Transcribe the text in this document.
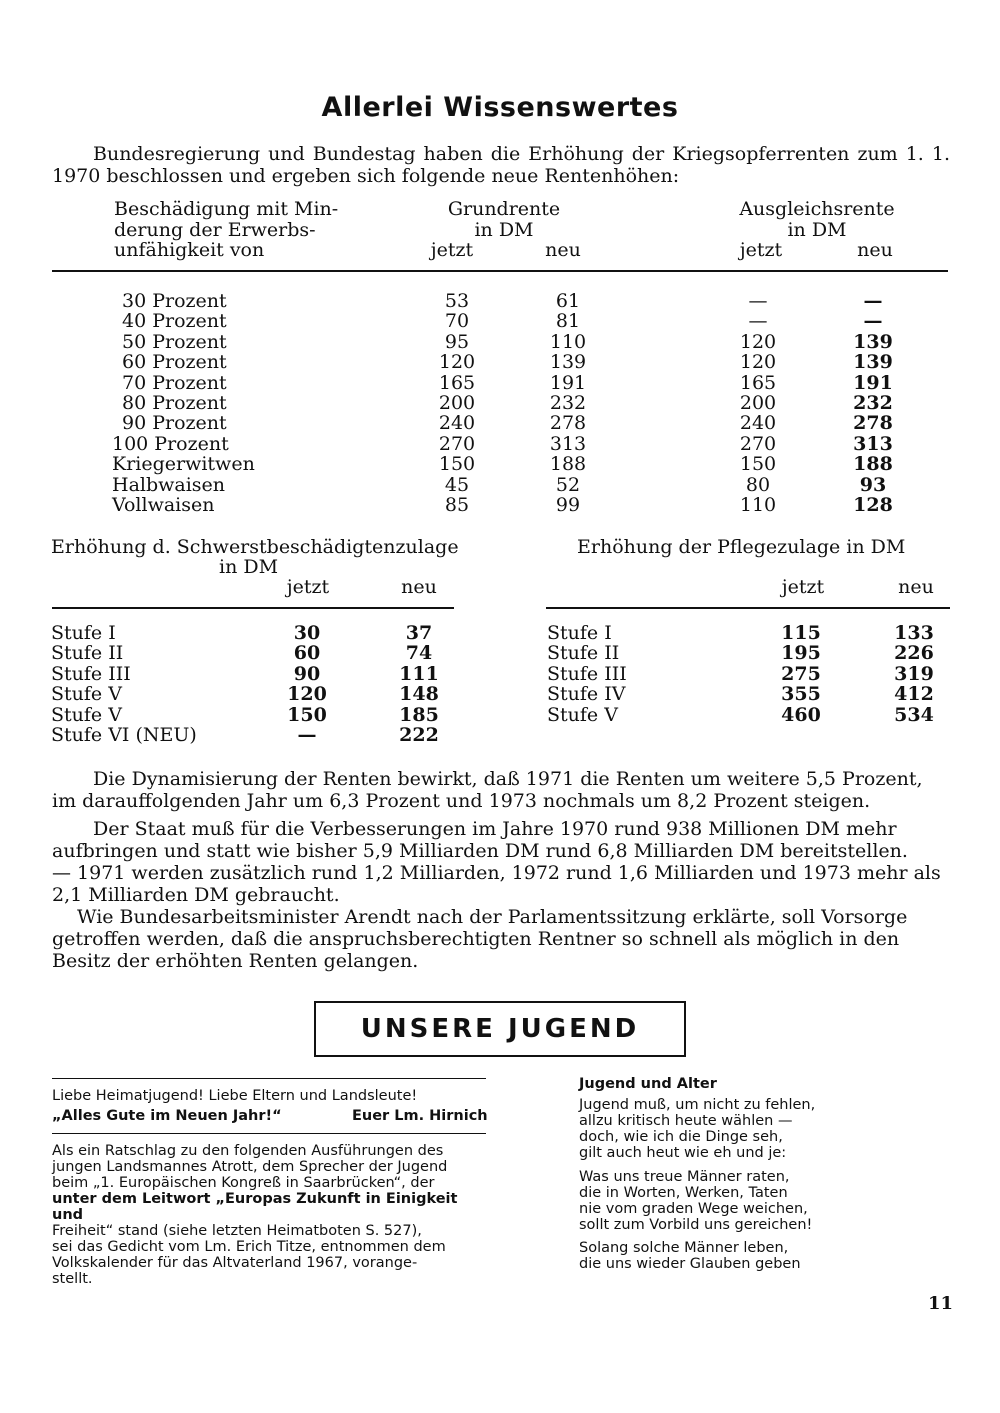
Allerlei Wissenswertes
Bundesregierung und Bundestag haben die Erhöhung der Kriegsopferrenten zum 1. 1. 1970 beschlossen und ergeben sich folgende neue Rentenhöhen:
Beschädigung mit Min-
derung der Erwerbs-
unfähigkeit von
Grundrente
in DM
Ausgleichsrente
in DM
jetzt	neu	jetzt	neu
30 Prozent	53	61	—	—
40 Prozent	70	81	—	—
50 Prozent	95	110	120	139
60 Prozent	120	139	120	139
70 Prozent	165	191	165	191
80 Prozent	200	232	200	232
90 Prozent	240	278	240	278
100 Prozent	270	313	270	313
Kriegerwitwen	150	188	150	188
Halbwaisen	45	52	80	93
Vollwaisen	85	99	110	128
Erhöhung d. Schwerstbeschädigtenzulage
in DM
jetzt	neu
Stufe I	30	37
Stufe II	60	74
Stufe III	90	111
Stufe V	120	148
Stufe V	150	185
Stufe VI (NEU)	—	222
Erhöhung der Pflegezulage in DM
jetzt	neu
Stufe I	115	133
Stufe II	195	226
Stufe III	275	319
Stufe IV	355	412
Stufe V	460	534
Die Dynamisierung der Renten bewirkt, daß 1971 die Renten um weitere 5,5 Prozent,
im darauffolgenden Jahr um 6,3 Prozent und 1973 nochmals um 8,2 Prozent steigen.
Der Staat muß für die Verbesserungen im Jahre 1970 rund 938 Millionen DM mehr
aufbringen und statt wie bisher 5,9 Milliarden DM rund 6,8 Milliarden DM bereitstellen.
— 1971 werden zusätzlich rund 1,2 Milliarden, 1972 rund 1,6 Milliarden und 1973 mehr als
2,1 Milliarden DM gebraucht.
Wie Bundesarbeitsminister Arendt nach der Parlamentssitzung erklärte, soll Vorsorge
getroffen werden, daß die anspruchsberechtigten Rentner so schnell als möglich in den
Besitz der erhöhten Renten gelangen.
UNSERE JUGEND
Liebe Heimatjugend! Liebe Eltern und Landsleute!
„Alles Gute im Neuen Jahr!“	Euer Lm. Hirnich
Als ein Ratschlag zu den folgenden Ausführungen des
jungen Landsmannes Atrott, dem Sprecher der Jugend
beim „1. Europäischen Kongreß in Saarbrücken“, der
unter dem Leitwort „Europas Zukunft in Einigkeit und
Freiheit“ stand (siehe letzten Heimatboten S. 527),
sei das Gedicht vom Lm. Erich Titze, entnommen dem
Volkskalender für das Altvaterland 1967, vorange-
stellt.
Jugend und Alter
Jugend muß, um nicht zu fehlen,
allzu kritisch heute wählen —
doch, wie ich die Dinge seh,
gilt auch heut wie eh und je:
Was uns treue Männer raten,
die in Worten, Werken, Taten
nie vom graden Wege weichen,
sollt zum Vorbild uns gereichen!
Solang solche Männer leben,
die uns wieder Glauben geben
11
